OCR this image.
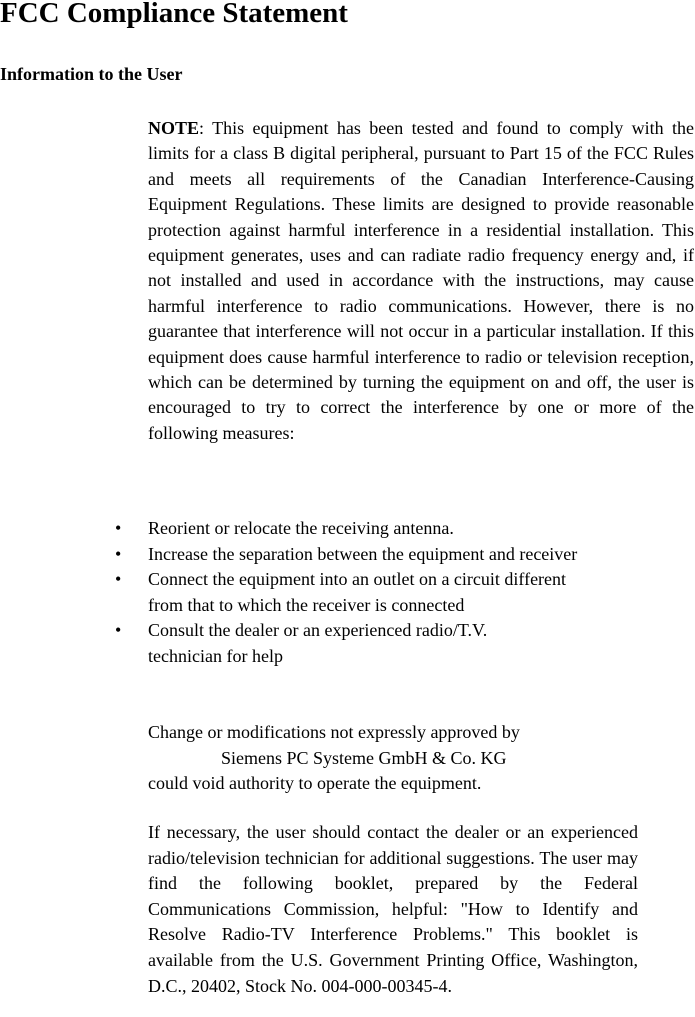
FCC Compliance Statement
Information to the User

NOTE: This equipment has been tested and found to comply with the limits for a class B digital peripheral, pursuant to Part 15 of the FCC Rules and meets all requirements of the Canadian Interference-Causing Equipment Regulations. These limits are designed to provide reasonable protection against harmful interference in a residential installation. This equipment generates, uses and can radiate radio frequency energy and, if not installed and used in accordance with the instructions, may cause harmful interference to radio communications. However, there is no guarantee that interference will not occur in a particular installation. If this equipment does cause harmful interference to radio or television reception, which can be determined by turning the equipment on and off, the user is encouraged to try to correct the interference by one or more of the following measures:

• Reorient or relocate the receiving antenna.
• Increase the separation between the equipment and receiver
• Connect the equipment into an outlet on a circuit different from that to which the receiver is connected
• Consult the dealer or an experienced radio/T.V. technician for help
Change or modifications not expressly approved by
Siemens PC Systeme GmbH & Co. KG
could void authority to operate the equipment.

If necessary, the user should contact the dealer or an experienced radio/television technician for additional suggestions. The user may find the following booklet, prepared by the Federal Communications Commission, helpful: "How to Identify and Resolve Radio-TV Interference Problems." This booklet is available from the U.S. Government Printing Office, Washington, D.C., 20402, Stock No. 004-000-00345-4.
